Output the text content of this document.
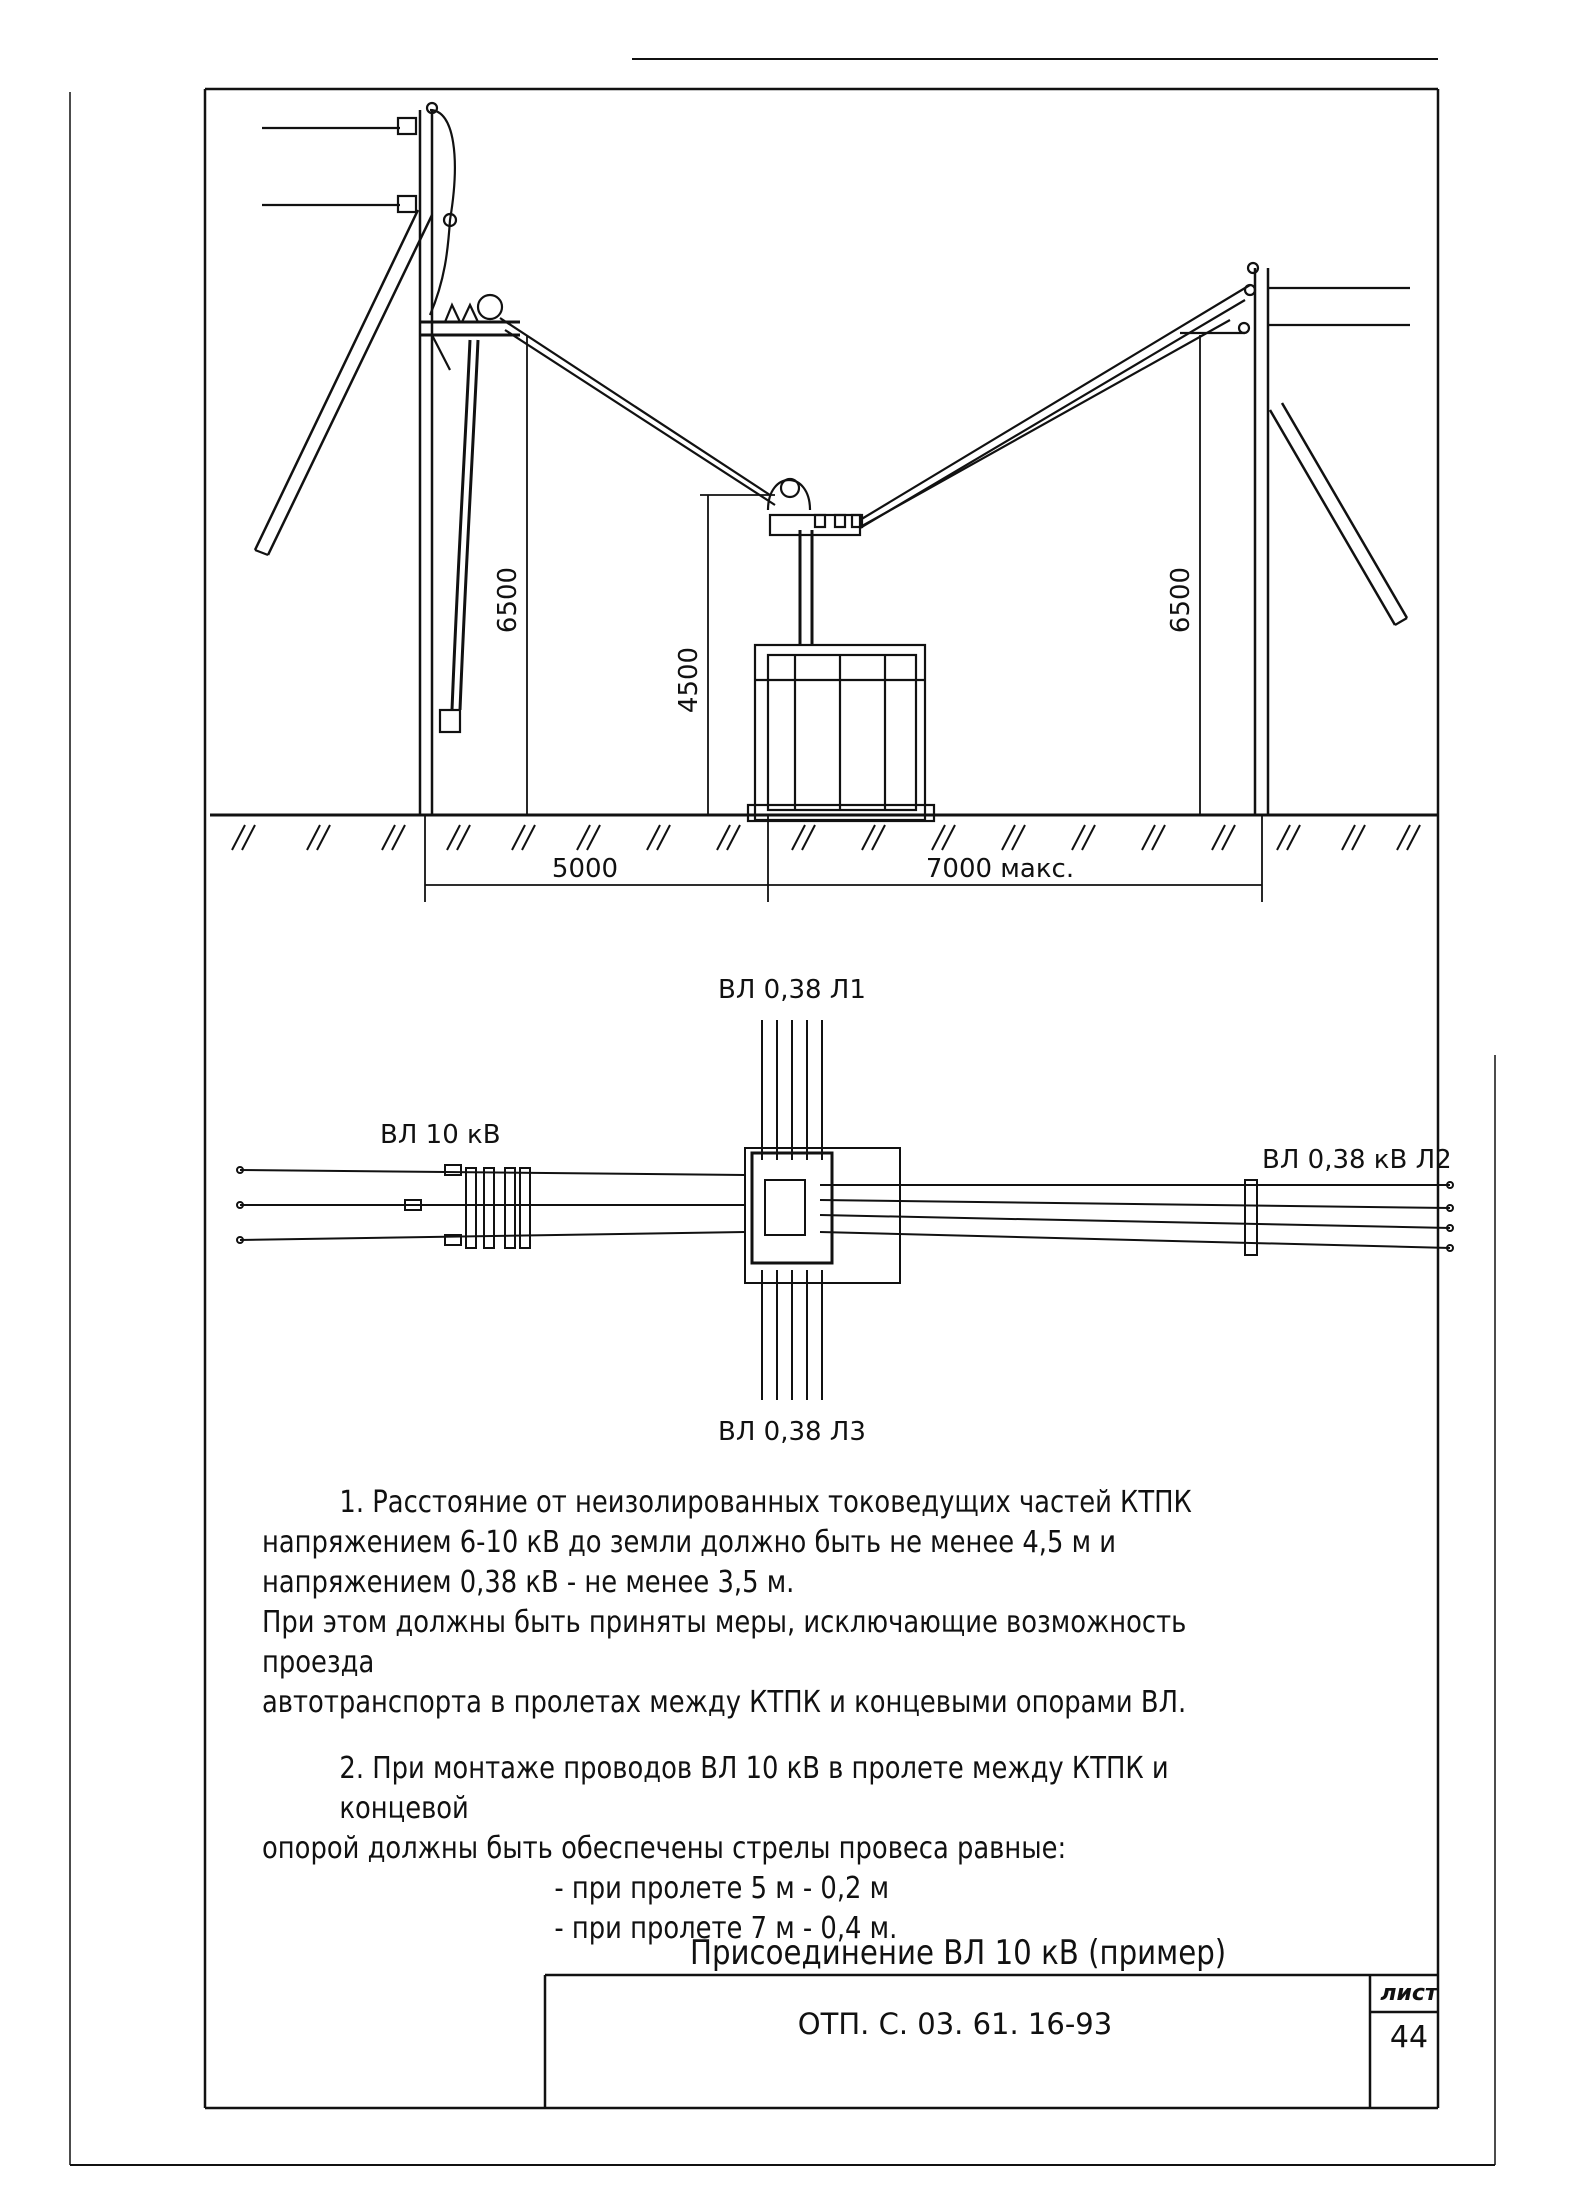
6500
4500
6500
5000	7000 макс.
ВЛ 0,38 Л1
ВЛ 10 кВ
ВЛ 0,38 кВ Л2
ВЛ 0,38 Л3

1. Расстояние от неизолированных токоведущих частей КТПК

напряжением 6-10 кВ до земли должно быть не менее 4,5 м и

напряжением 0,38 кВ - не менее 3,5 м.

При этом должны быть приняты меры, исключающие возможность проезда

автотранспорта в пролетах между КТПК и концевыми опорами ВЛ.

2. При монтаже проводов ВЛ 10 кВ в пролете между КТПК и концевой

опорой должны быть обеспечены стрелы провеса равные:

- при пролете 5 м - 0,2 м

- при пролете 7 м - 0,4 м.

Присоединение ВЛ 10 кВ (пример)
ОТП. С. 03. 61. 16-93
лист
44
